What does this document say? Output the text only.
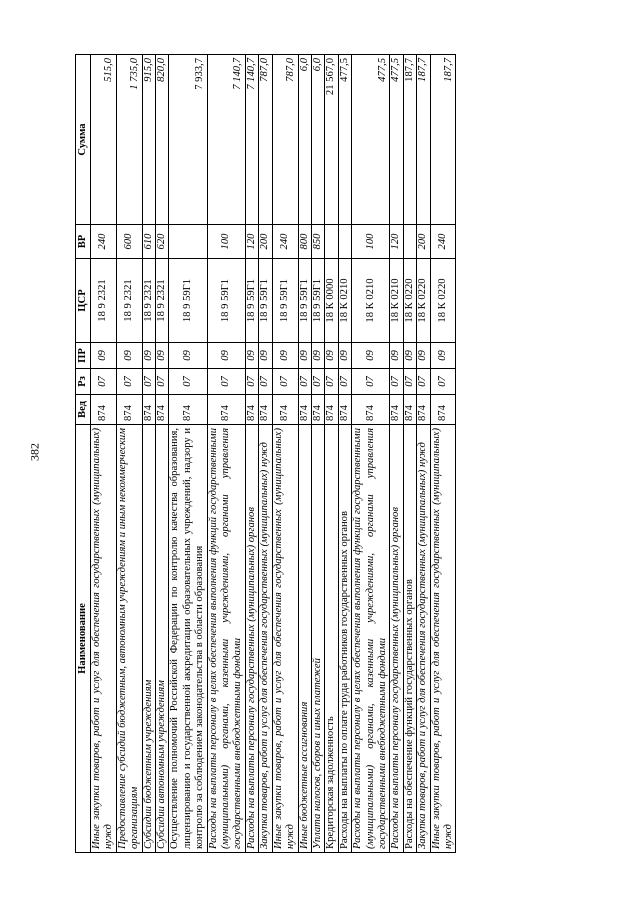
382
Наименование	Вед	Рз	ПР	ЦСР	ВР	Сумма
Иные закупки товаров, работ и услуг для обеспечения государственных (муниципальных) нужд	874	07	09	18 9 2321	240	515,0
Предоставление субсидий бюджетным, автономным учреждениям и иным некоммерческим организациям	874	07	09	18 9 2321	600	1 735,0
Субсидии бюджетным учреждениям	874	07	09	18 9 2321	610	915,0
Субсидии автономным учреждениям	874	07	09	18 9 2321	620	820,0
Осуществление полномочий Российской Федерации по контролю качества образования, лицензированию и государственной аккредитации образовательных учреждений, надзору и контролю за соблюдением законодательства в области образования	874	07	09	18 9 59Г1		7 933,7
Расходы на выплаты персоналу в целях обеспечения выполнения функций государственными (муниципальными) органами, казенными учреждениями, органами управления государственными внебюджетными фондами	874	07	09	18 9 59Г1	100	7 140,7
Расходы на выплаты персоналу государственных (муниципальных) органов	874	07	09	18 9 59Г1	120	7 140,7
Закупка товаров, работ и услуг для обеспечения государственных (муниципальных) нужд	874	07	09	18 9 59Г1	200	787,0
Иные закупки товаров, работ и услуг для обеспечения государственных (муниципальных) нужд	874	07	09	18 9 59Г1	240	787,0
Иные бюджетные ассигнования	874	07	09	18 9 59Г1	800	6,0
Уплата налогов, сборов и иных платежей	874	07	09	18 9 59Г1	850	6,0
Кредиторская задолженность	874	07	09	18 К 0000		21 567,0
Расходы на выплаты по оплате труда работников государственных органов	874	07	09	18 К 0210		477,5
Расходы на выплаты персоналу в целях обеспечения выполнения функций государственными (муниципальными) органами, казенными учреждениями, органами управления государственными внебюджетными фондами	874	07	09	18 К 0210	100	477,5
Расходы на выплаты персоналу государственных (муниципальных) органов	874	07	09	18 К 0210	120	477,5
Расходы на обеспечение функций государственных органов	874	07	09	18 К 0220		187,7
Закупка товаров, работ и услуг для обеспечения государственных (муниципальных) нужд	874	07	09	18 К 0220	200	187,7
Иные закупки товаров, работ и услуг для обеспечения государственных (муниципальных) нужд	874	07	09	18 К 0220	240	187,7
